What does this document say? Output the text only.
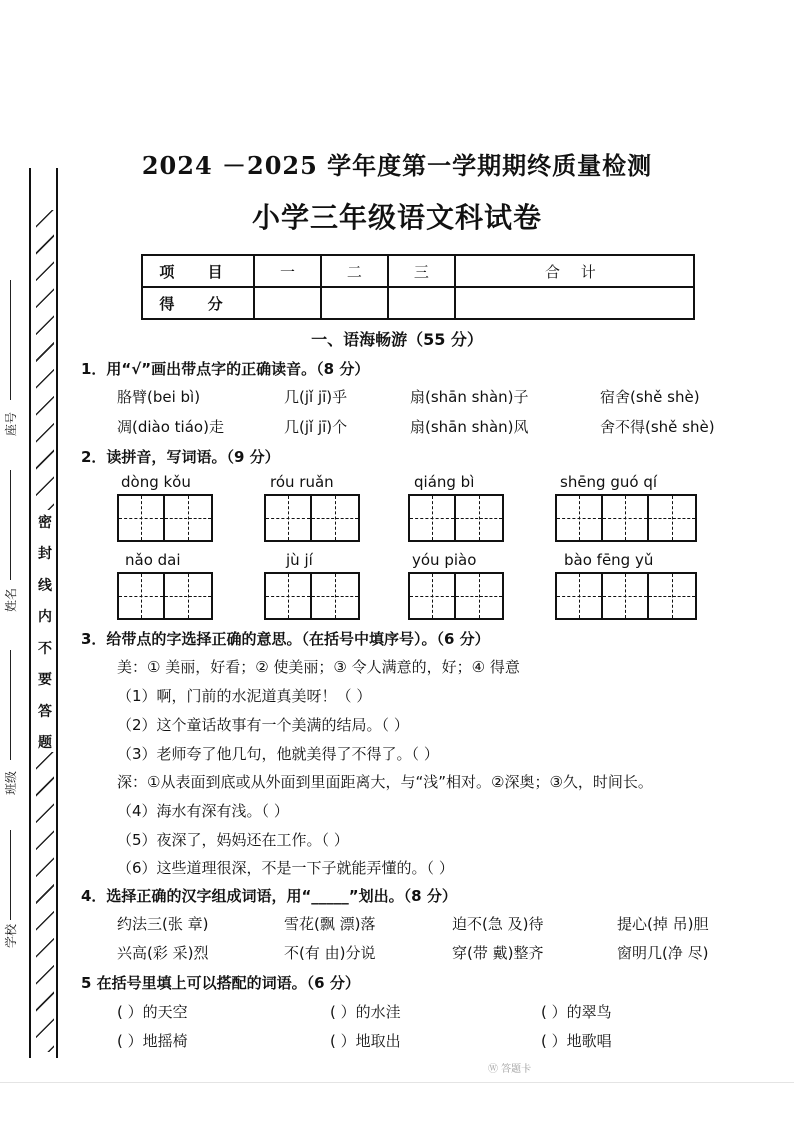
密
封
线
内
不
要
答
题
座号
姓名
班级
学校
2024 －2025 学年度第一学期期终质量检测
小学三年级语文科试卷
项 目	一	二	三	合 计
得 分				
一、语海畅游（55 分）
1．用“√”画出带点字的正确读音。（8 分）
胳臂(bei bì)	几(jǐ jī)乎	扇(shān shàn)子	宿舍(shě shè)
凋(diào tiáo)走	几(jǐ jī)个	扇(shān shàn)风	舍不得(shě shè)
2．读拼音，写词语。（9 分）
dòng kǒu	róu ruǎn	qiáng bì	shēng guó qí
nǎo dai	jù jí	yóu piào	bào fēng yǔ
3．给带点的字选择正确的意思。（在括号中填序号）。（6 分）
美：① 美丽，好看；② 使美丽；③ 令人满意的，好；④ 得意
（1）啊，门前的水泥道真美呀！（ ）
（2）这个童话故事有一个美满的结局。（ ）
（3）老师夸了他几句，他就美得了不得了。（ ）
深：①从表面到底或从外面到里面距离大，与“浅”相对。②深奥；③久，时间长。
（4）海水有深有浅。（ ）
（5）夜深了，妈妈还在工作。（ ）
（6）这些道理很深，不是一下子就能弄懂的。（ ）
4．选择正确的汉字组成词语，用“_____”划出。（8 分）
约法三(张 章)	雪花(飘 漂)落	迫不(急 及)待	提心(掉 吊)胆
兴高(彩 采)烈	不(有 由)分说	穿(带 戴)整齐	窗明几(净 尽)
5 在括号里填上可以搭配的词语。（6 分）
( ）的天空	( ）的水洼	( ）的翠鸟
( ）地摇椅	( ）地取出	( ）地歌唱
Ⓦ 答题卡
